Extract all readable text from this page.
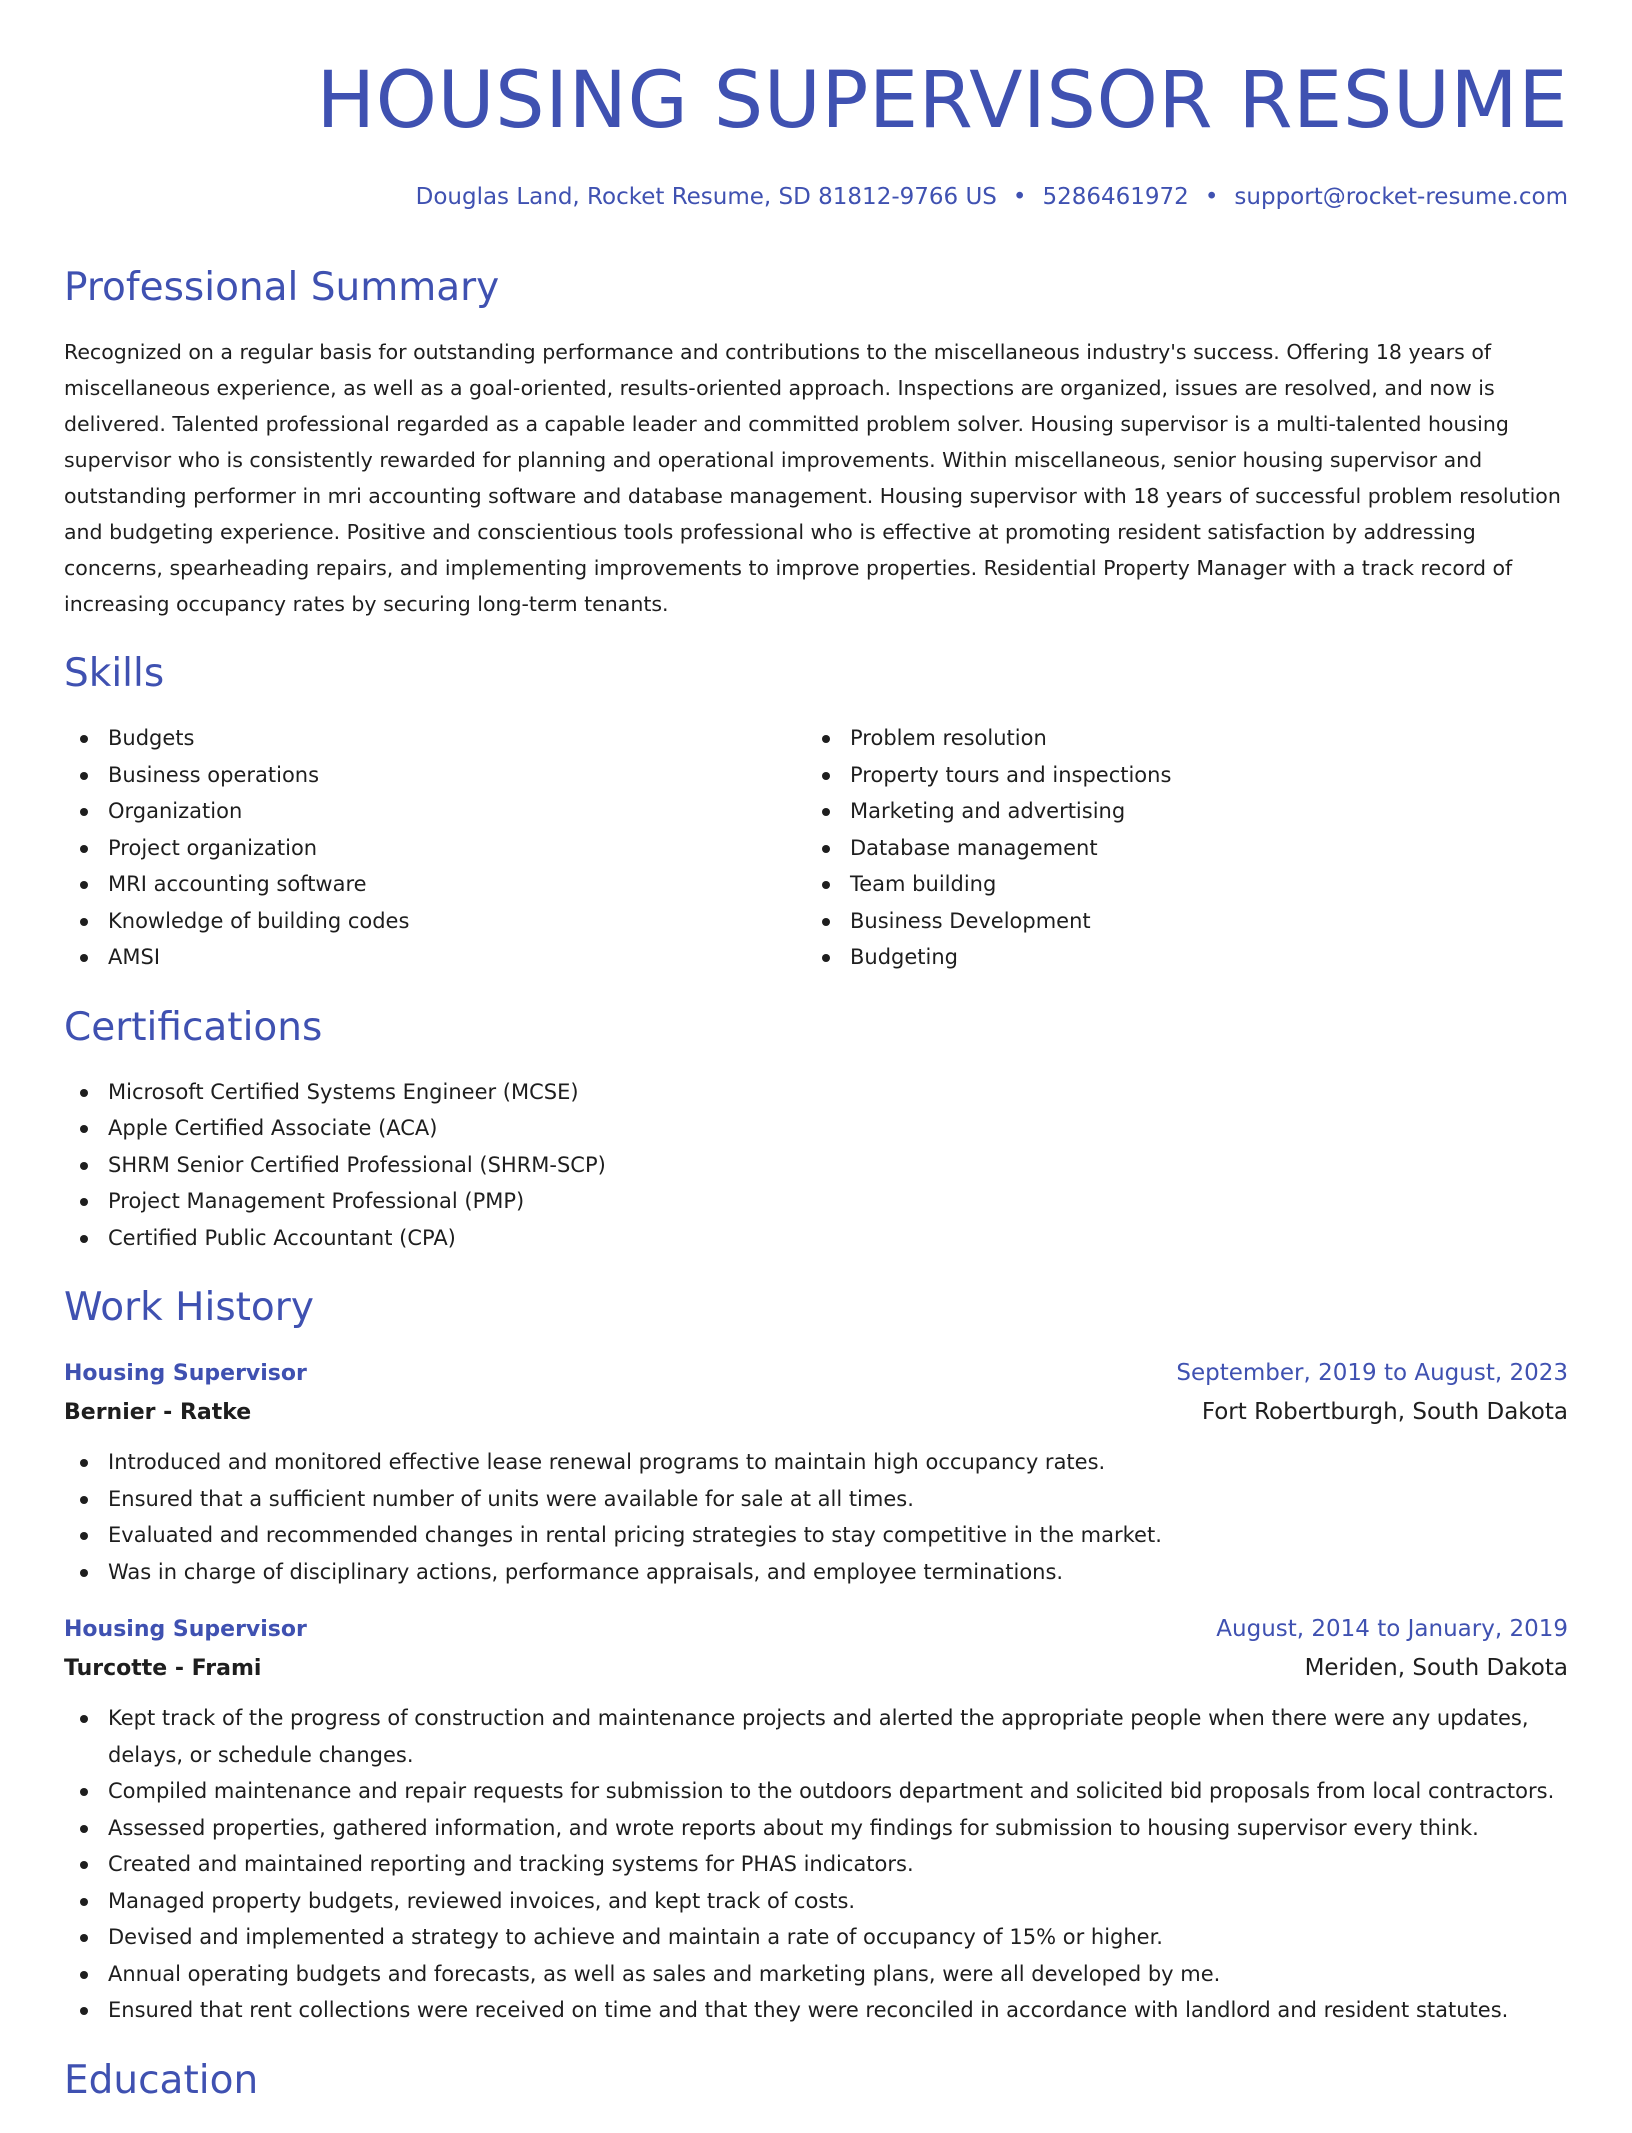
HOUSING SUPERVISOR RESUME
Douglas Land, Rocket Resume, SD 81812-9766 US • 5286461972 • support@rocket-resume.com
Professional Summary

Recognized on a regular basis for outstanding performance and contributions to the miscellaneous industry's success. Offering 18 years of miscellaneous experience, as well as a goal-oriented, results-oriented approach. Inspections are organized, issues are resolved, and now is delivered. Talented professional regarded as a capable leader and committed problem solver. Housing supervisor is a multi-talented housing supervisor who is consistently rewarded for planning and operational improvements. Within miscellaneous, senior housing supervisor and outstanding performer in mri accounting software and database management. Housing supervisor with 18 years of successful problem resolution and budgeting experience. Positive and conscientious tools professional who is effective at promoting resident satisfaction by addressing concerns, spearheading repairs, and implementing improvements to improve properties. Residential Property Manager with a track record of increasing occupancy rates by securing long-term tenants.

Skills
Budgets
Business operations
Organization
Project organization
MRI accounting software
Knowledge of building codes
AMSI
Problem resolution
Property tours and inspections
Marketing and advertising
Database management
Team building
Business Development
Budgeting
Certifications
Microsoft Certified Systems Engineer (MCSE)
Apple Certified Associate (ACA)
SHRM Senior Certified Professional (SHRM-SCP)
Project Management Professional (PMP)
Certified Public Accountant (CPA)
Work History
Housing Supervisor	September, 2019 to August, 2023
Bernier - Ratke	Fort Robertburgh, South Dakota
Introduced and monitored effective lease renewal programs to maintain high occupancy rates.
Ensured that a sufficient number of units were available for sale at all times.
Evaluated and recommended changes in rental pricing strategies to stay competitive in the market.
Was in charge of disciplinary actions, performance appraisals, and employee terminations.
Housing Supervisor	August, 2014 to January, 2019
Turcotte - Frami	Meriden, South Dakota
Kept track of the progress of construction and maintenance projects and alerted the appropriate people when there were any updates, delays, or schedule changes.
Compiled maintenance and repair requests for submission to the outdoors department and solicited bid proposals from local contractors.
Assessed properties, gathered information, and wrote reports about my findings for submission to housing supervisor every think.
Created and maintained reporting and tracking systems for PHAS indicators.
Managed property budgets, reviewed invoices, and kept track of costs.
Devised and implemented a strategy to achieve and maintain a rate of occupancy of 15% or higher.
Annual operating budgets and forecasts, as well as sales and marketing plans, were all developed by me.
Ensured that rent collections were received on time and that they were reconciled in accordance with landlord and resident statutes.
Education
